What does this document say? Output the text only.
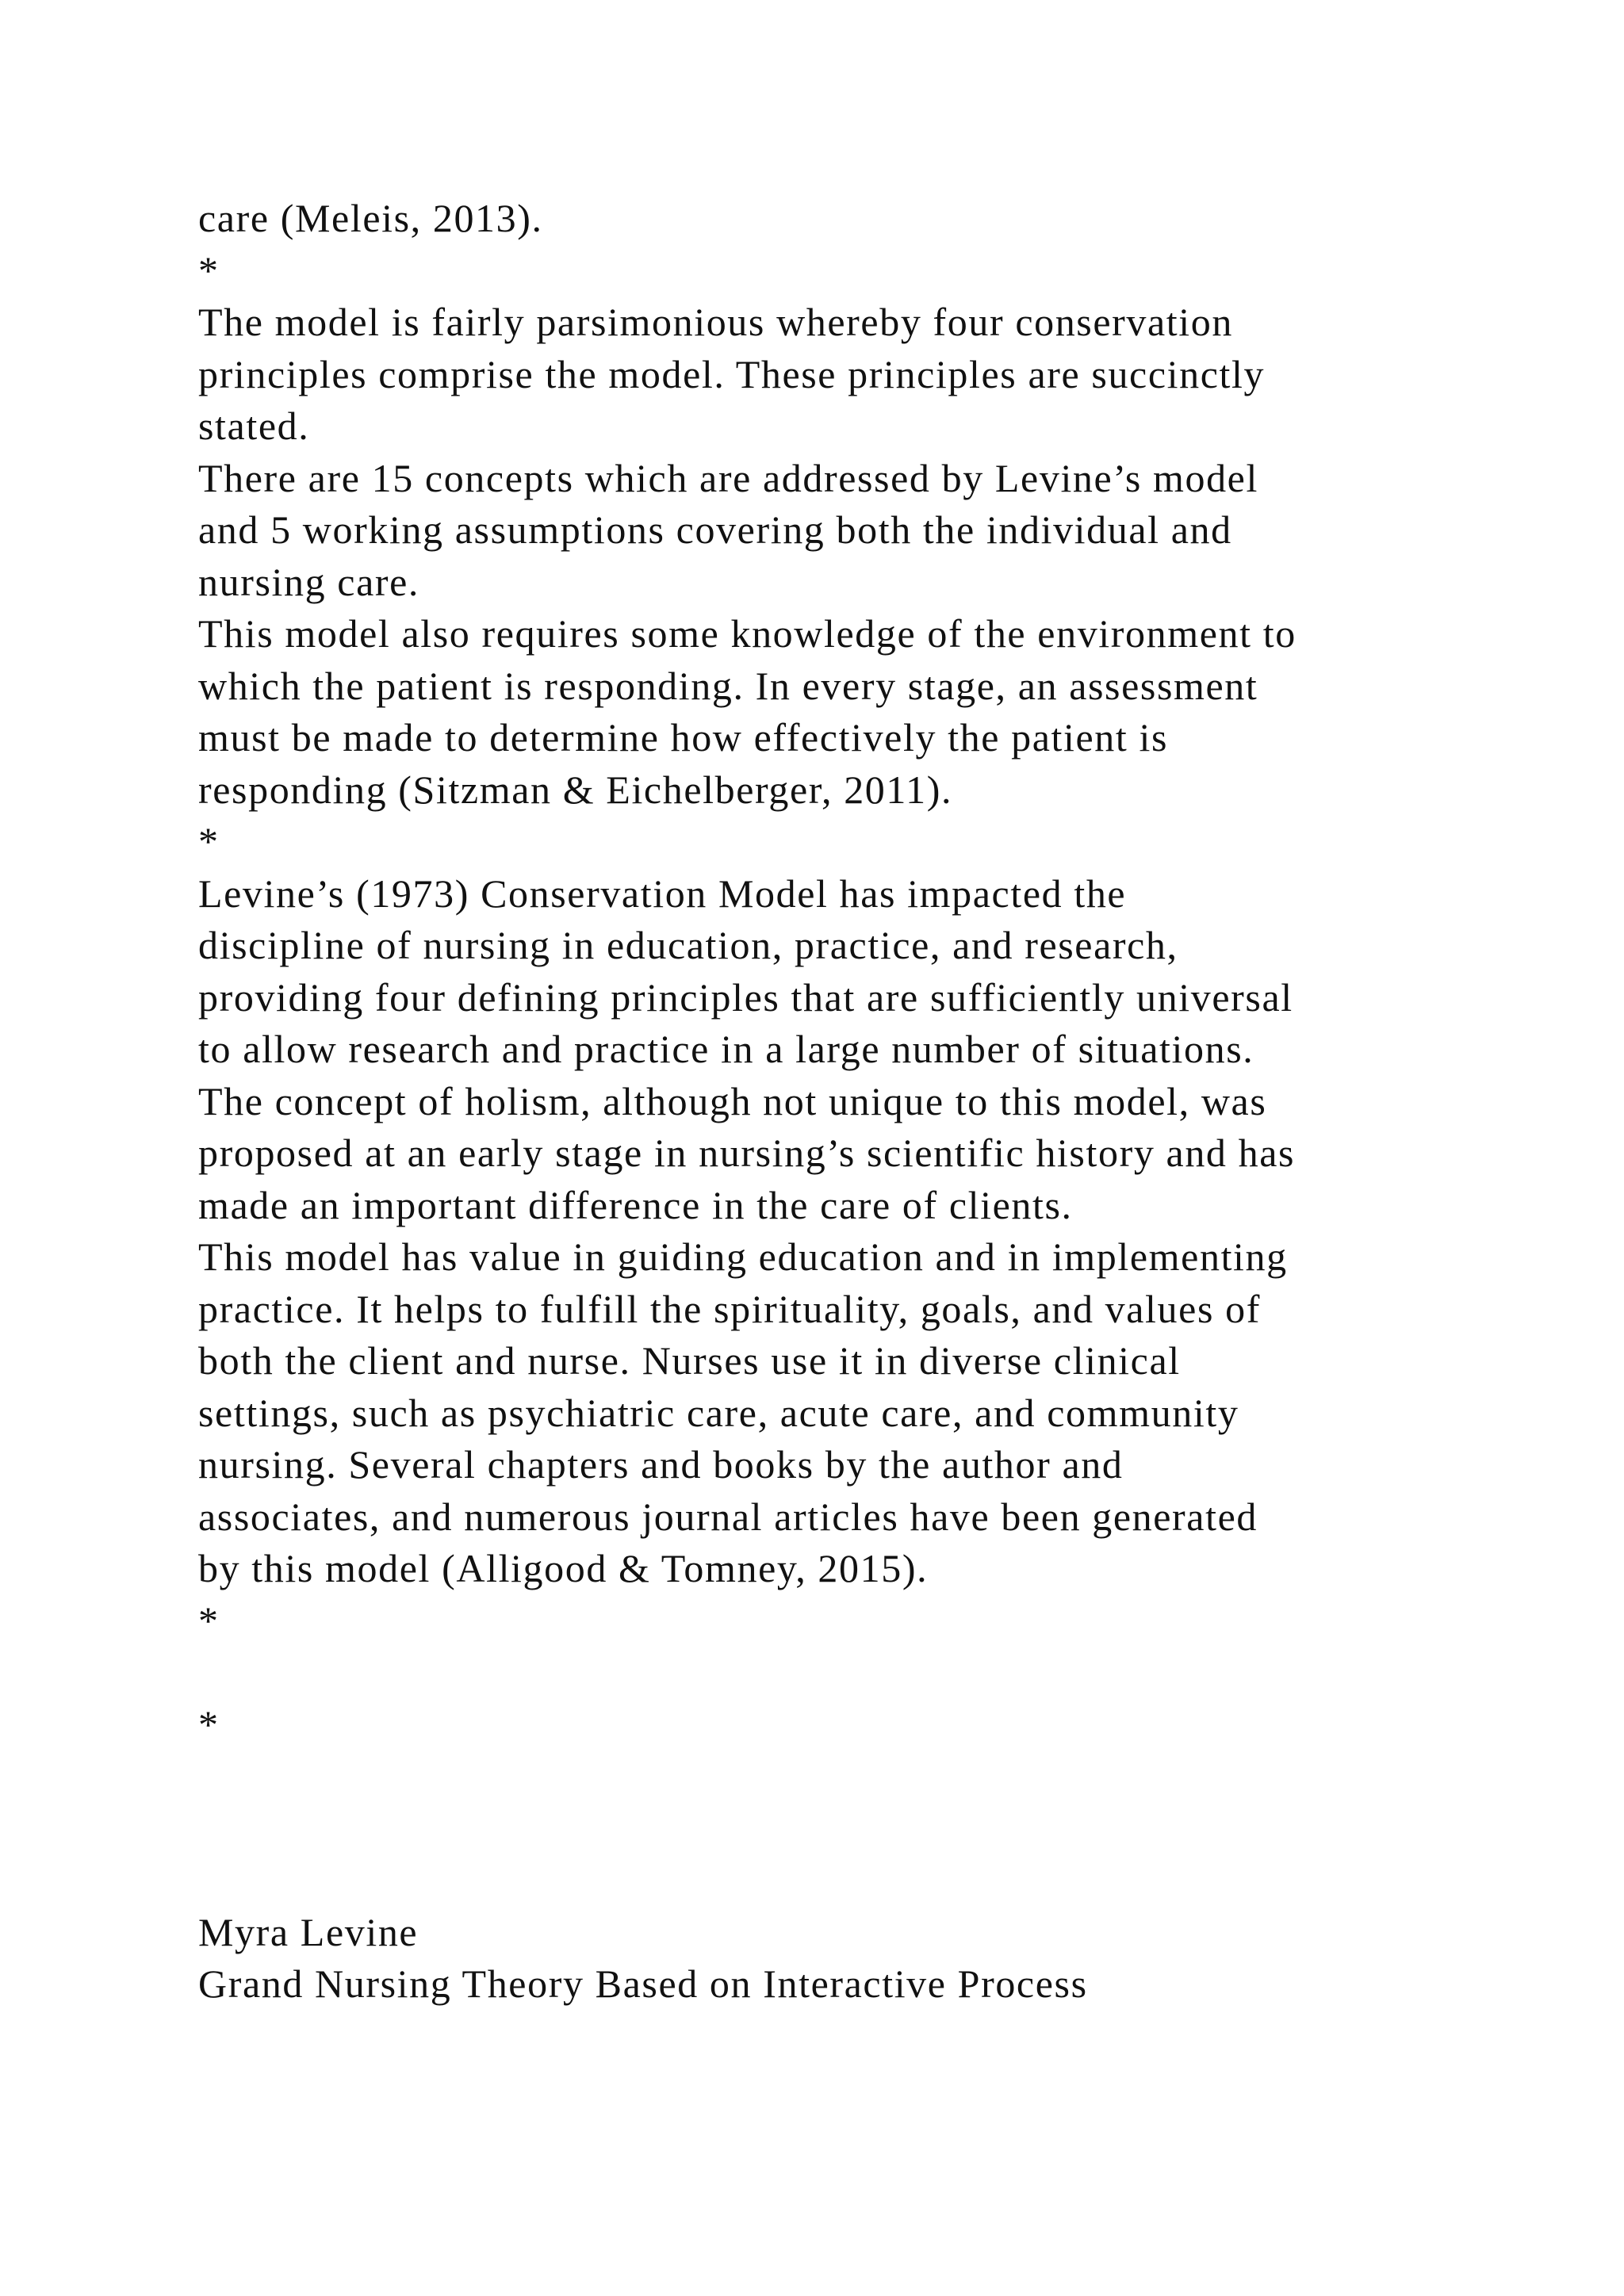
care (Meleis, 2013).
*
The model is fairly parsimonious whereby four conservation
principles comprise the model. These principles are succinctly
stated.
There are 15 concepts which are addressed by Levine’s model
and 5 working assumptions covering both the individual and
nursing care.
This model also requires some knowledge of the environment to
which the patient is responding. In every stage, an assessment
must be made to determine how effectively the patient is
responding (Sitzman & Eichelberger, 2011).
*
Levine’s (1973) Conservation Model has impacted the
discipline of nursing in education, practice, and research,
providing four defining principles that are sufficiently universal
to allow research and practice in a large number of situations.
The concept of holism, although not unique to this model, was
proposed at an early stage in nursing’s scientific history and has
made an important difference in the care of clients.
This model has value in guiding education and in implementing
practice. It helps to fulfill the spirituality, goals, and values of
both the client and nurse. Nurses use it in diverse clinical
settings, such as psychiatric care, acute care, and community
nursing. Several chapters and books by the author and
associates, and numerous journal articles have been generated
by this model (Alligood & Tomney, 2015).
*
*
Myra Levine
Grand Nursing Theory Based on Interactive Process
